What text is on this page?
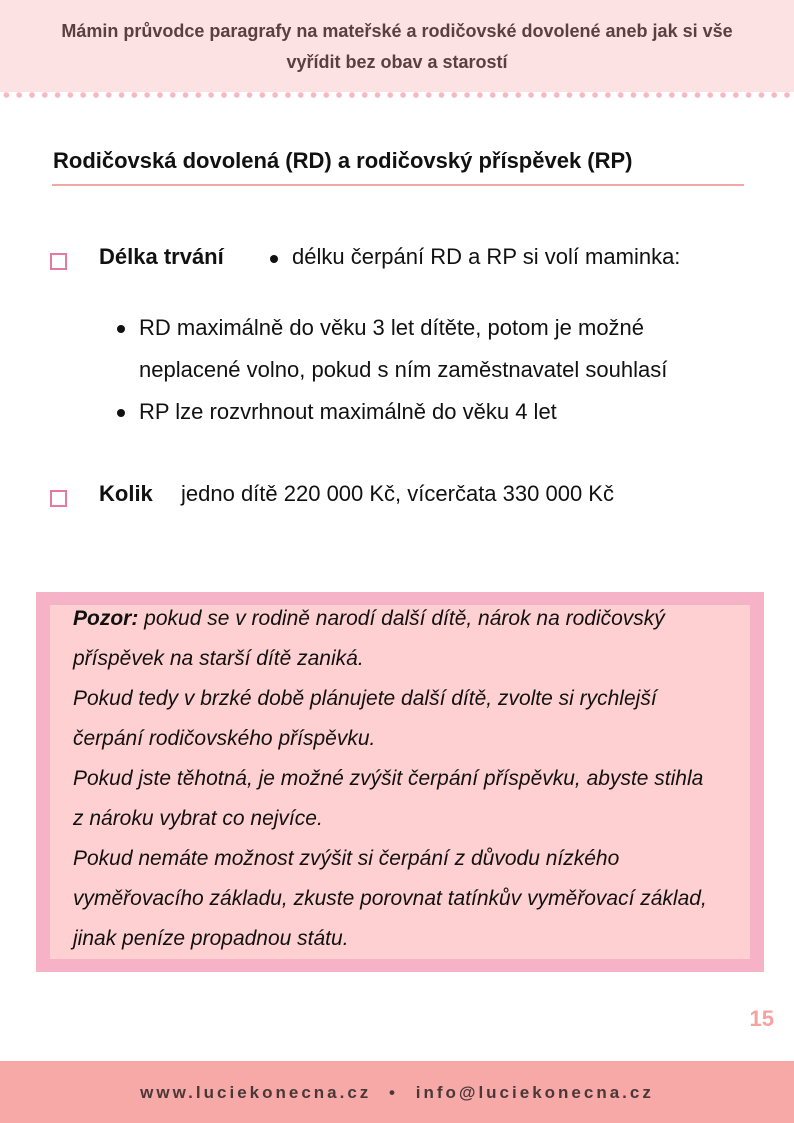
Mámin průvodce paragrafy na mateřské a rodičovské dovolené aneb jak si vše
vyřídit bez obav a starostí
Rodičovská dovolená (RD) a rodičovský příspěvek (RP)
Délka trvání	délku čerpání RD a RP si volí maminka:
RD maximálně do věku 3 let dítěte, potom je možné
neplacené volno, pokud s ním zaměstnavatel souhlasí
RP lze rozvrhnout maximálně do věku 4 let
Kolik jedno dítě 220 000 Kč, vícerčata 330 000 Kč
Pozor: pokud se v rodině narodí další dítě, nárok na rodičovský
příspěvek na starší dítě zaniká.
Pokud tedy v brzké době plánujete další dítě, zvolte si rychlejší
čerpání rodičovského příspěvku.
Pokud jste těhotná, je možné zvýšit čerpání příspěvku, abyste stihla
z nároku vybrat co nejvíce.
Pokud nemáte možnost zvýšit si čerpání z důvodu nízkého
vyměřovacího základu, zkuste porovnat tatínkův vyměřovací základ,
jinak peníze propadnou státu.
15
www.luciekonecna.cz • info@luciekonecna.cz
